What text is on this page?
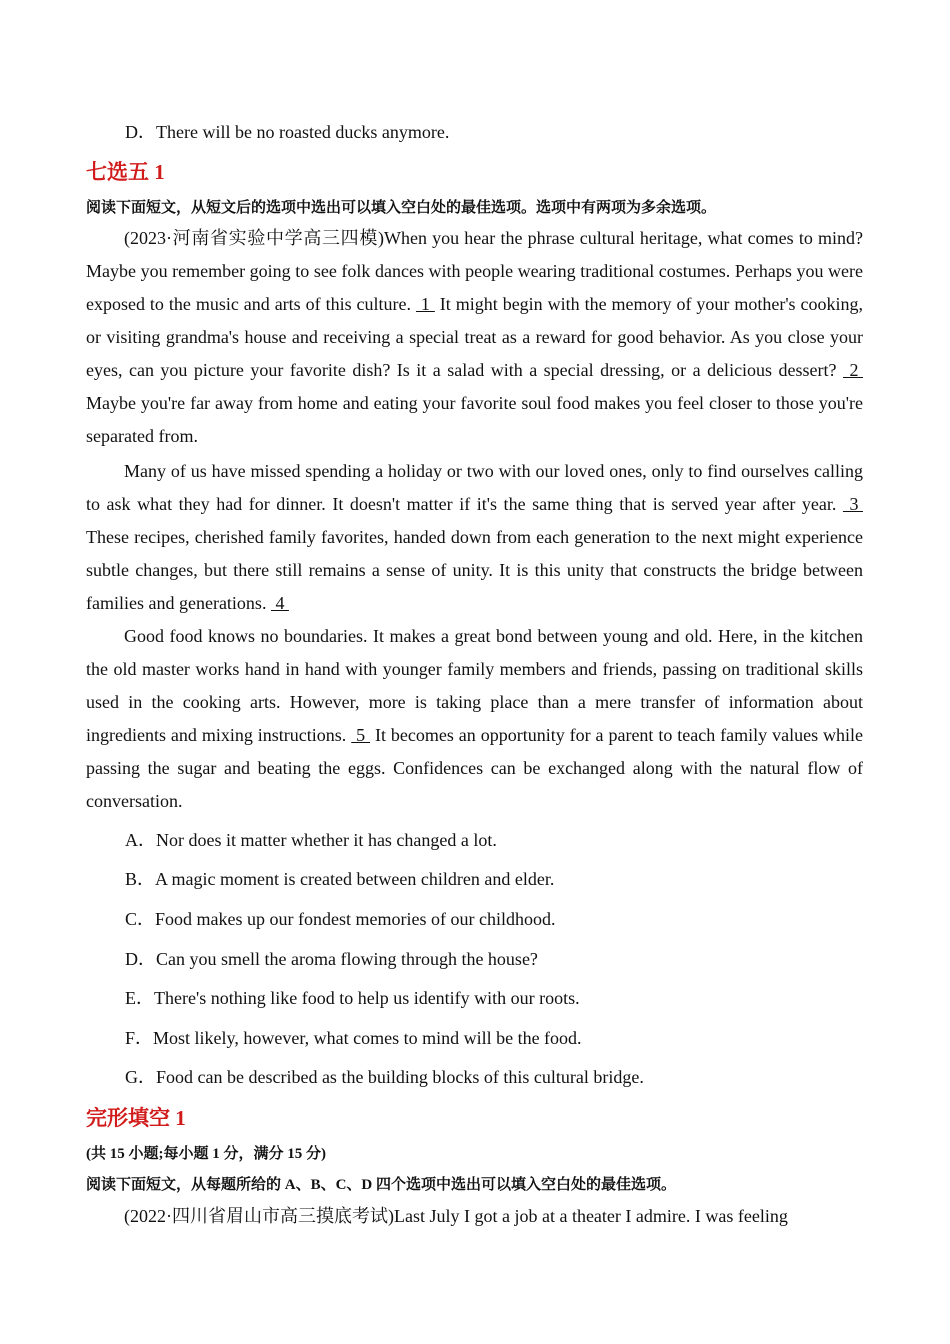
D．There will be no roasted ducks anymore.
七选五 1
阅读下面短文，从短文后的选项中选出可以填入空白处的最佳选项。选项中有两项为多余选项。

(2023·河南省实验中学高三四模)When you hear the phrase cultural heritage, what comes to mind? Maybe you remember going to see folk dances with people wearing traditional costumes. Perhaps you were exposed to the music and arts of this culture.  1  It might begin with the memory of your mother's cooking, or visiting grandma's house and receiving a special treat as a reward for good behavior. As you close your eyes, can you picture your favorite dish? Is it a salad with a special dressing, or a delicious dessert?  2  Maybe you're far away from home and eating your favorite soul food makes you feel closer to those you're separated from.

Many of us have missed spending a holiday or two with our loved ones, only to find ourselves calling to ask what they had for dinner. It doesn't matter if it's the same thing that is served year after year.  3  These recipes, cherished family favorites, handed down from each generation to the next might experience subtle changes, but there still remains a sense of unity. It is this unity that constructs the bridge between families and generations.  4

Good food knows no boundaries. It makes a great bond between young and old. Here, in the kitchen the old master works hand in hand with younger family members and friends, passing on traditional skills used in the cooking arts. However, more is taking place than a mere transfer of information about ingredients and mixing instructions.  5  It becomes an opportunity for a parent to teach family values while passing the sugar and beating the eggs. Confidences can be exchanged along with the natural flow of conversation.

A．Nor does it matter whether it has changed a lot.
B．A magic moment is created between children and elder.
C．Food makes up our fondest memories of our childhood.
D．Can you smell the aroma flowing through the house?
E．There's nothing like food to help us identify with our roots.
F．Most likely, however, what comes to mind will be the food.
G．Food can be described as the building blocks of this cultural bridge.
完形填空 1
(共 15 小题;每小题 1 分，满分 15 分)
阅读下面短文，从每题所给的 A、B、C、D 四个选项中选出可以填入空白处的最佳选项。

(2022·四川省眉山市高三摸底考试)Last July I got a job at a theater I admire. I was feeling
